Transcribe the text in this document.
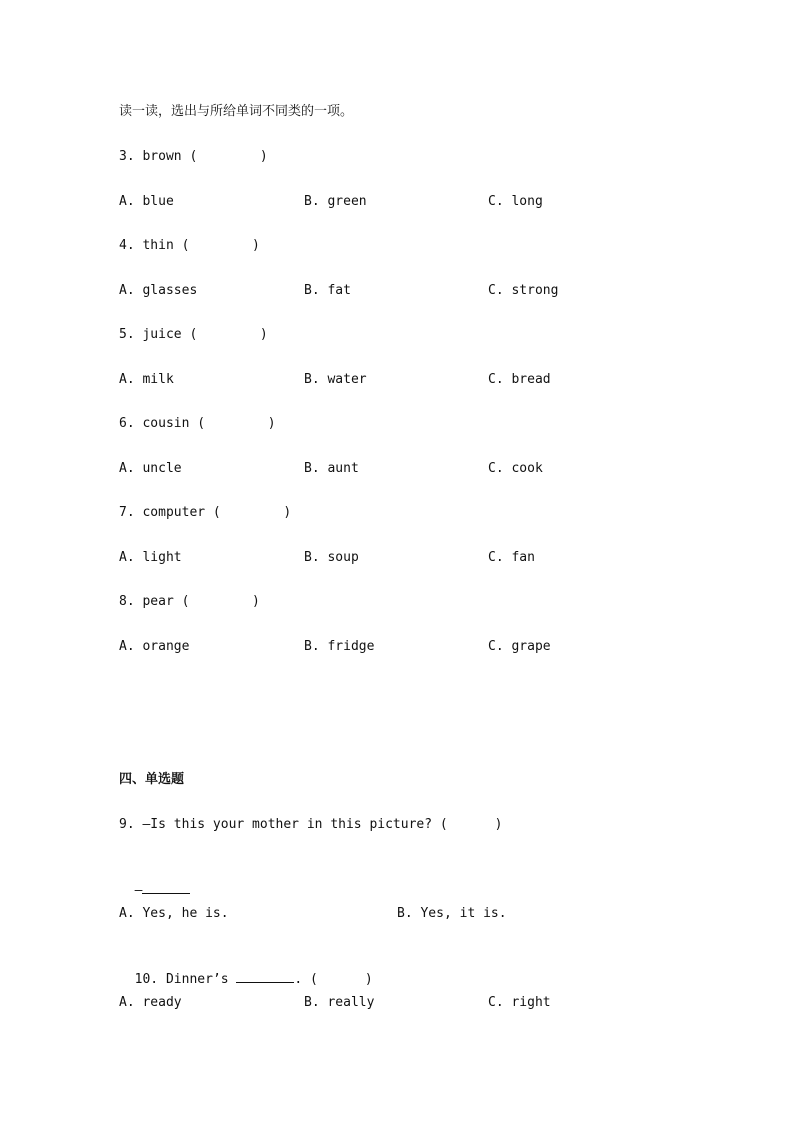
读一读，选出与所给单词不同类的一项。
3. brown (        )
A. blue	B. green	C. long
4. thin (        )
A. glasses	B. fat	C. strong
5. juice (        )
A. milk	B. water	C. bread
6. cousin (        )
A. uncle	B. aunt	C. cook
7. computer (        )
A. light	B. soup	C. fan
8. pear (        )
A. orange	B. fridge	C. grape
四、单选题
9. —Is this your mother in this picture? (      )

—

A. Yes, he is.	B. Yes, it is.

10. Dinner’s	. (      )

A. ready	B. really	C. right
